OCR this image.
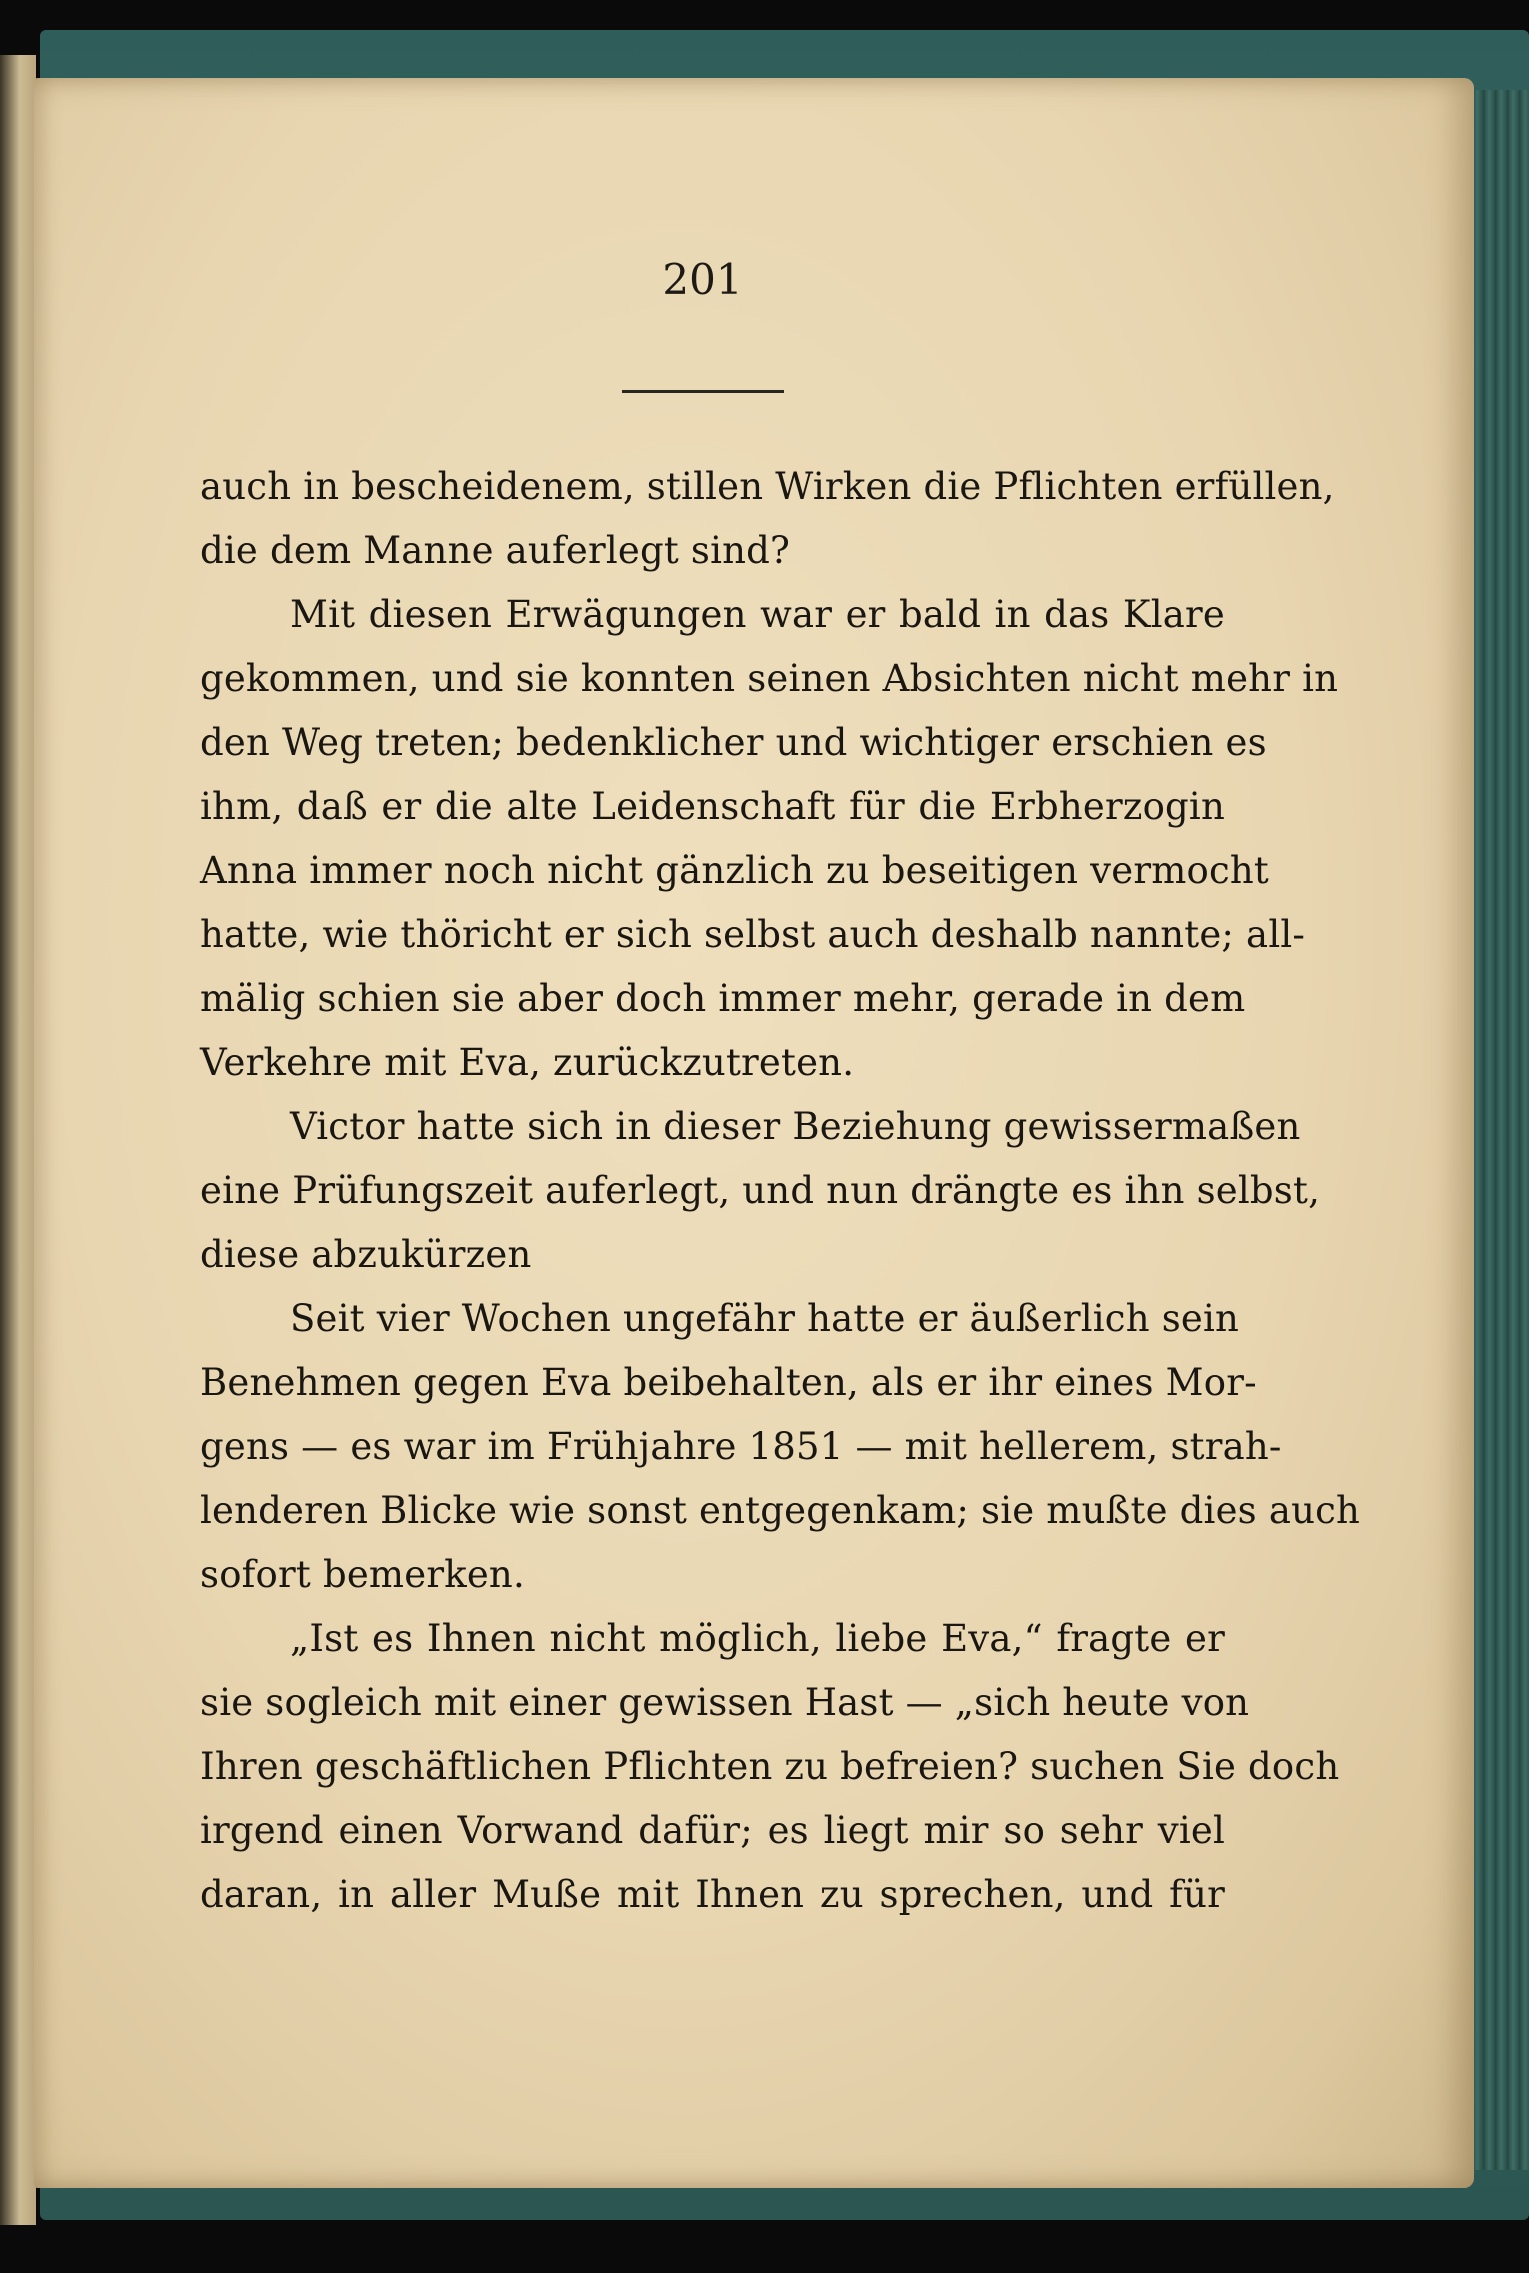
201
auch in bescheidenem, stillen Wirken die Pflichten erfüllen,
die dem Manne auferlegt sind?
Mit diesen Erwägungen war er bald in das Klare
gekommen, und sie konnten seinen Absichten nicht mehr in
den Weg treten; bedenklicher und wichtiger erschien es
ihm, daß er die alte Leidenschaft für die Erbherzogin
Anna immer noch nicht gänzlich zu beseitigen vermocht
hatte, wie thöricht er sich selbst auch deshalb nannte; all-
mälig schien sie aber doch immer mehr, gerade in dem
Verkehre mit Eva, zurückzutreten.
Victor hatte sich in dieser Beziehung gewissermaßen
eine Prüfungszeit auferlegt, und nun drängte es ihn selbst,
diese abzukürzen
Seit vier Wochen ungefähr hatte er äußerlich sein
Benehmen gegen Eva beibehalten, als er ihr eines Mor-
gens — es war im Frühjahre 1851 — mit hellerem, strah-
lenderen Blicke wie sonst entgegenkam; sie mußte dies auch
sofort bemerken.
„Ist es Ihnen nicht möglich, liebe Eva,“ fragte er
sie sogleich mit einer gewissen Hast — „sich heute von
Ihren geschäftlichen Pflichten zu befreien? suchen Sie doch
irgend einen Vorwand dafür; es liegt mir so sehr viel
daran, in aller Muße mit Ihnen zu sprechen, und für
